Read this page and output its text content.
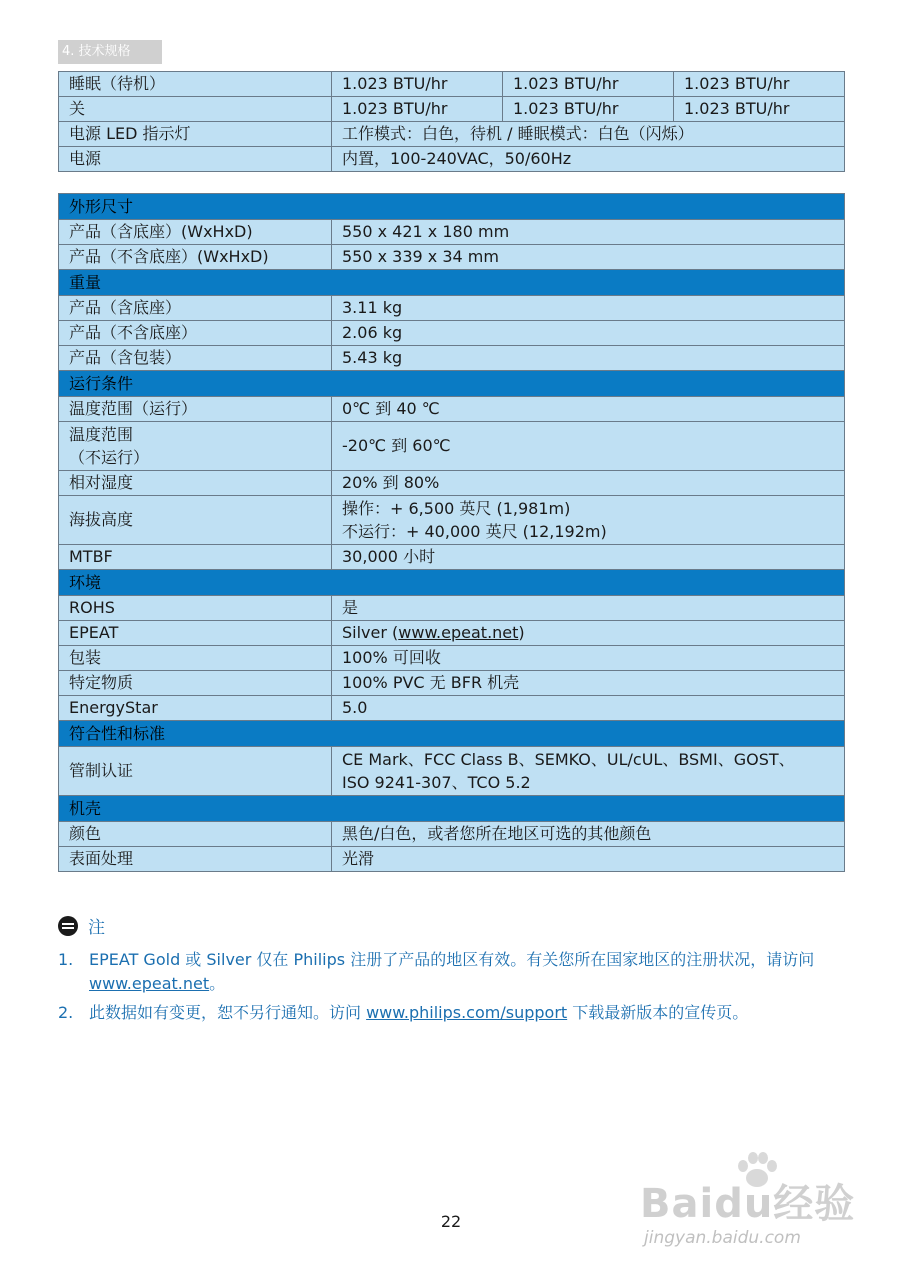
4. 技术规格
睡眠（待机）	1.023 BTU/hr	1.023 BTU/hr	1.023 BTU/hr
关	1.023 BTU/hr	1.023 BTU/hr	1.023 BTU/hr
电源 LED 指示灯	工作模式：白色，待机 / 睡眠模式：白色（闪烁）		
电源	内置，100-240VAC，50/60Hz		
外形尺寸	
产品（含底座）(WxHxD)	550 x 421 x 180 mm
产品（不含底座）(WxHxD)	550 x 339 x 34 mm
重量	
产品（含底座）	3.11 kg
产品（不含底座）	2.06 kg
产品（含包装）	5.43 kg
运行条件	
温度范围（运行）	0℃ 到 40 ℃

温度范围
（不运行）	-20℃ 到 60℃
相对湿度	20% 到 80%
海拔高度	操作：+ 6,500 英尺 (1,981m)
不运行：+ 40,000 英尺 (12,192m)

MTBF	30,000 小时
环境	
ROHS	是
EPEAT	Silver (www.epeat.net)
包装	100% 可回收
特定物质	100% PVC 无 BFR 机壳
EnergyStar	5.0
符合性和标准	
管制认证	CE Mark、FCC Class B、SEMKO、UL/cUL、BSMI、GOST、
ISO 9241-307、TCO 5.2

机壳	
颜色	黑色/白色，或者您所在地区可选的其他颜色
表面处理	光滑
注
1. EPEAT Gold 或 Silver 仅在 Philips 注册了产品的地区有效。有关您所在国家地区的注册状况，请访问 www.epeat.net。
2. 此数据如有变更，恕不另行通知。访问 www.philips.com/support 下载最新版本的宣传页。
Baidu经验
jingyan.baidu.com
22
